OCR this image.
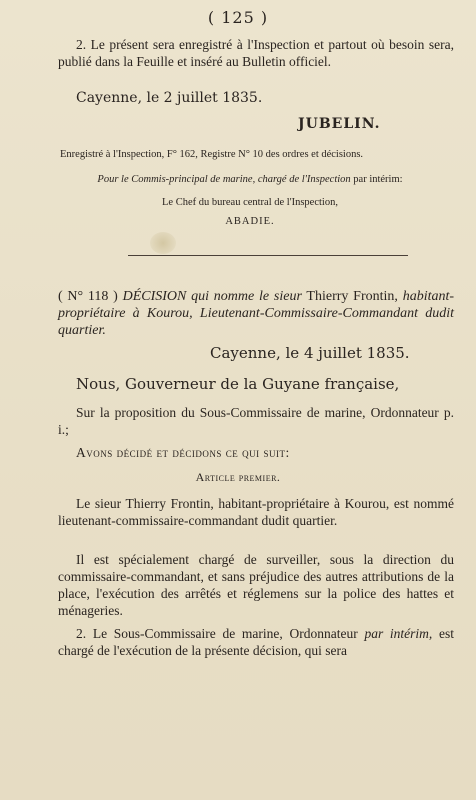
( 125 )

2. Le présent sera enregistré à l'Inspection et partout où besoin sera, publié dans la Feuille et inséré au Bulletin officiel.

Cayenne, le 2 juillet 1835.

JUBELIN.

Enregistré à l'Inspection, F° 162, Registre N° 10 des ordres et décisions.

Pour le Commis-principal de marine, chargé de l'Inspection par intérim:

Le Chef du bureau central de l'Inspection,

ABADIE.

( N° 118 ) DÉCISION qui nomme le sieur Thierry Frontin, habitant-propriétaire à Kourou, Lieutenant-Commissaire-Commandant dudit quartier.

Cayenne, le 4 juillet 1835.

Nous, Gouverneur de la Guyane française,

Sur la proposition du Sous-Commissaire de marine, Ordonnateur p. i.;

Avons décidé et décidons ce qui suit:

Article premier.

Le sieur Thierry Frontin, habitant-propriétaire à Kourou, est nommé lieutenant-commissaire-commandant dudit quartier.

Il est spécialement chargé de surveiller, sous la direction du commissaire-commandant, et sans préjudice des autres attributions de la place, l'exécution des arrêtés et réglemens sur la police des hattes et ménageries.

2. Le Sous-Commissaire de marine, Ordonnateur par intérim, est chargé de l'exécution de la présente décision, qui sera
